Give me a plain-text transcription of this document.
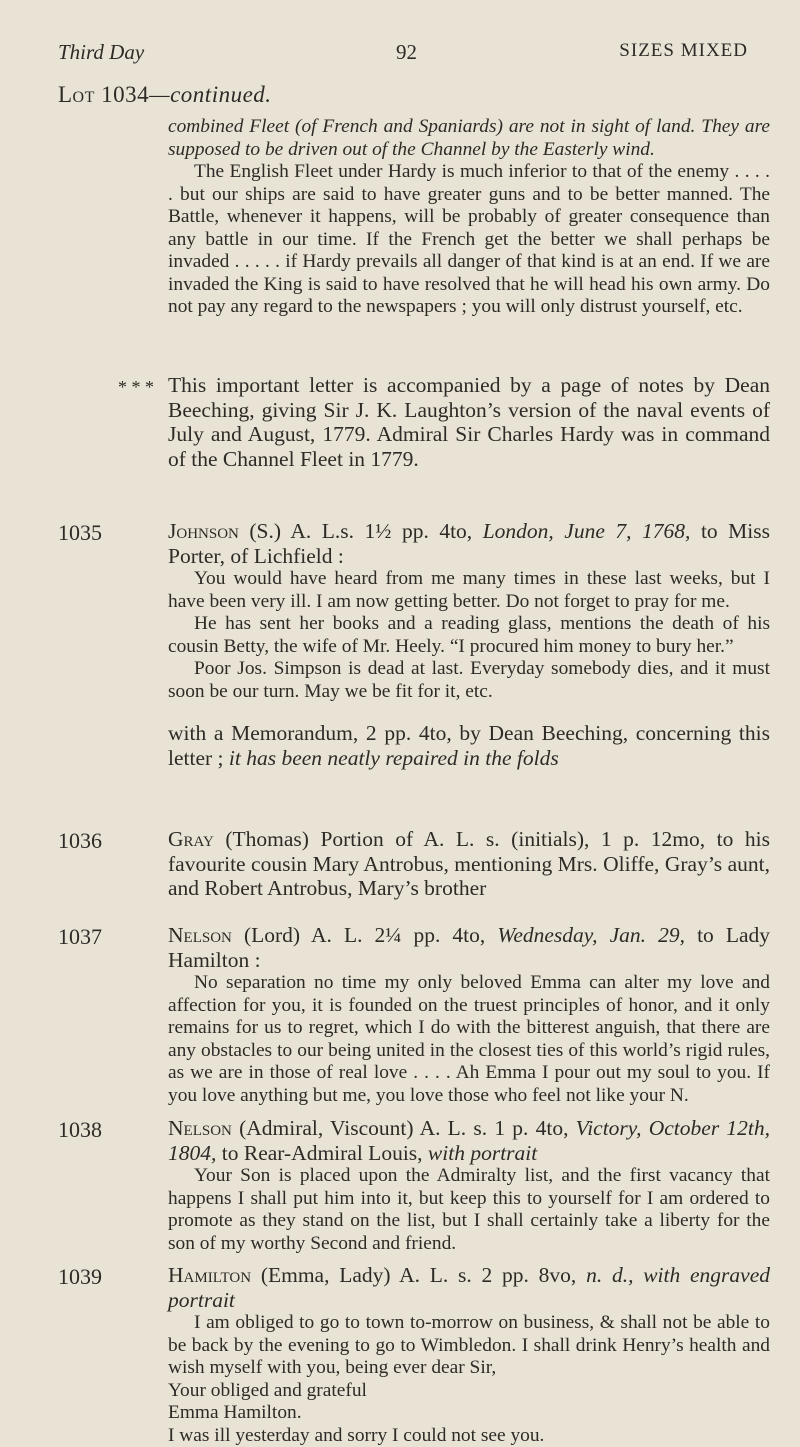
Third Day	92	SIZES MIXED
Lot 1034—continued.

combined Fleet (of French and Spaniards) are not in sight of land. They are supposed to be driven out of the Channel by the Easterly wind.

The English Fleet under Hardy is much inferior to that of the enemy . . . . . but our ships are said to have greater guns and to be better manned. The Battle, whenever it happens, will be probably of greater consequence than any battle in our time. If the French get the better we shall perhaps be invaded . . . . . if Hardy prevails all danger of that kind is at an end. If we are invaded the King is said to have resolved that he will head his own army. Do not pay any regard to the newspapers ; you will only distrust yourself, etc.

* * * This important letter is accompanied by a page of notes by Dean Beeching, giving Sir J. K. Laughton’s version of the naval events of July and August, 1779. Admiral Sir Charles Hardy was in command of the Channel Fleet in 1779.

1035	Johnson (S.) A. L.s. 1½ pp. 4to, London, June 7, 1768, to Miss Porter, of Lichfield :

You would have heard from me many times in these last weeks, but I have been very ill. I am now getting better. Do not forget to pray for me.

He has sent her books and a reading glass, mentions the death of his cousin Betty, the wife of Mr. Heely. “I procured him money to bury her.”

Poor Jos. Simpson is dead at last. Everyday somebody dies, and it must soon be our turn. May we be fit for it, etc.

with a Memorandum, 2 pp. 4to, by Dean Beeching, concerning this letter ; it has been neatly repaired in the folds

1036	Gray (Thomas) Portion of A. L. s. (initials), 1 p. 12mo, to his favourite cousin Mary Antrobus, mentioning Mrs. Oliffe, Gray’s aunt, and Robert Antrobus, Mary’s brother

1037	Nelson (Lord) A. L. 2¼ pp. 4to, Wednesday, Jan. 29, to Lady Hamilton :

No separation no time my only beloved Emma can alter my love and affection for you, it is founded on the truest principles of honor, and it only remains for us to regret, which I do with the bitterest anguish, that there are any obstacles to our being united in the closest ties of this world’s rigid rules, as we are in those of real love . . . . Ah Emma I pour out my soul to you. If you love anything but me, you love those who feel not like your N.

1038	Nelson (Admiral, Viscount) A. L. s. 1 p. 4to, Victory, October 12th, 1804, to Rear-Admiral Louis, with portrait

Your Son is placed upon the Admiralty list, and the first vacancy that happens I shall put him into it, but keep this to yourself for I am ordered to promote as they stand on the list, but I shall certainly take a liberty for the son of my worthy Second and friend.

1039	Hamilton (Emma, Lady) A. L. s. 2 pp. 8vo, n. d., with engraved portrait

I am obliged to go to town to-morrow on business, & shall not be able to be back by the evening to go to Wimbledon. I shall drink Henry’s health and wish myself with you, being ever dear Sir,

Your obliged and grateful

Emma Hamilton.

I was ill yesterday and sorry I could not see you.
